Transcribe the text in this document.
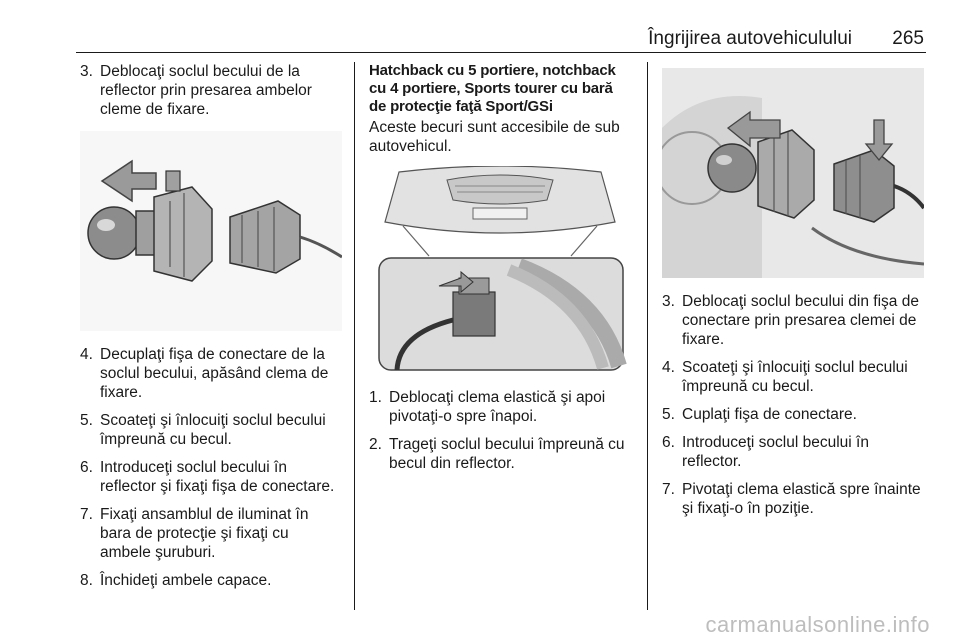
Îngrijirea autovehiculului 265
3. Deblocaţi soclul becului de la reflector prin presarea ambelor cleme de fixare.
4. Decuplaţi fişa de conectare de la soclul becului, apăsând clema de fixare.
5. Scoateţi şi înlocuiţi soclul becului împreună cu becul.
6. Introduceţi soclul becului în reflector şi fixaţi fişa de conectare.
7. Fixaţi ansamblul de iluminat în bara de protecţie şi fixaţi cu ambele şuruburi.
8. Închideţi ambele capace.
Hatchback cu 5 portiere, notchback cu 4 portiere, Sports tourer cu bară de protecţie faţă Sport/GSi
Aceste becuri sunt accesibile de sub autovehicul.
1. Deblocaţi clema elastică şi apoi pivotaţi-o spre înapoi.
2. Trageţi soclul becului împreună cu becul din reflector.
3. Deblocaţi soclul becului din fişa de conectare prin presarea clemei de fixare.
4. Scoateţi şi înlocuiţi soclul becului împreună cu becul.
5. Cuplaţi fişa de conectare.
6. Introduceţi soclul becului în reflector.
7. Pivotaţi clema elastică spre înainte şi fixaţi-o în poziţie.
carmanualsonline.info
